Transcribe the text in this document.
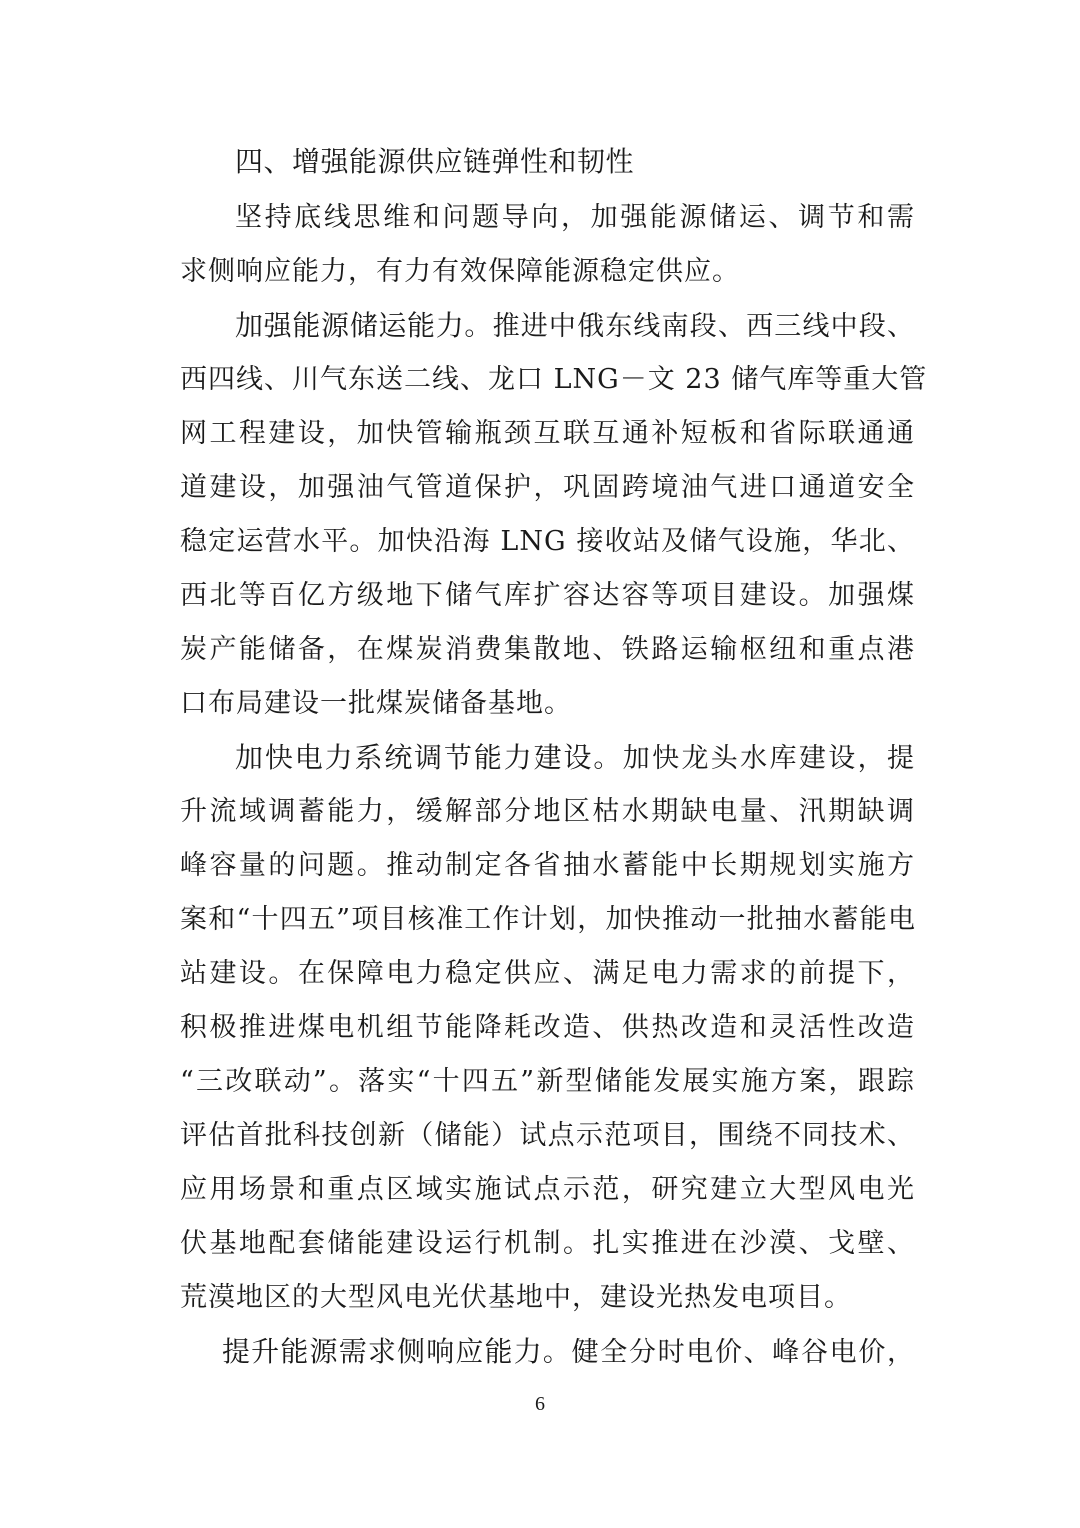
四、增强能源供应链弹性和韧性
坚持底线思维和问题导向，加强能源储运、调节和需
求侧响应能力，有力有效保障能源稳定供应。
加强能源储运能力。推进中俄东线南段、西三线中段、
西四线、川气东送二线、龙口 LNG－文 23 储气库等重大管
网工程建设，加快管输瓶颈互联互通补短板和省际联通通
道建设，加强油气管道保护，巩固跨境油气进口通道安全
稳定运营水平。加快沿海 LNG 接收站及储气设施，华北、
西北等百亿方级地下储气库扩容达容等项目建设。加强煤
炭产能储备，在煤炭消费集散地、铁路运输枢纽和重点港
口布局建设一批煤炭储备基地。
加快电力系统调节能力建设。加快龙头水库建设，提
升流域调蓄能力，缓解部分地区枯水期缺电量、汛期缺调
峰容量的问题。推动制定各省抽水蓄能中长期规划实施方
案和“十四五”项目核准工作计划，加快推动一批抽水蓄能电
站建设。在保障电力稳定供应、满足电力需求的前提下，
积极推进煤电机组节能降耗改造、供热改造和灵活性改造
“三改联动”。落实“十四五”新型储能发展实施方案，跟踪
评估首批科技创新（储能）试点示范项目，围绕不同技术、
应用场景和重点区域实施试点示范，研究建立大型风电光
伏基地配套储能建设运行机制。扎实推进在沙漠、戈壁、
荒漠地区的大型风电光伏基地中，建设光热发电项目。
提升能源需求侧响应能力。健全分时电价、峰谷电价，
6
